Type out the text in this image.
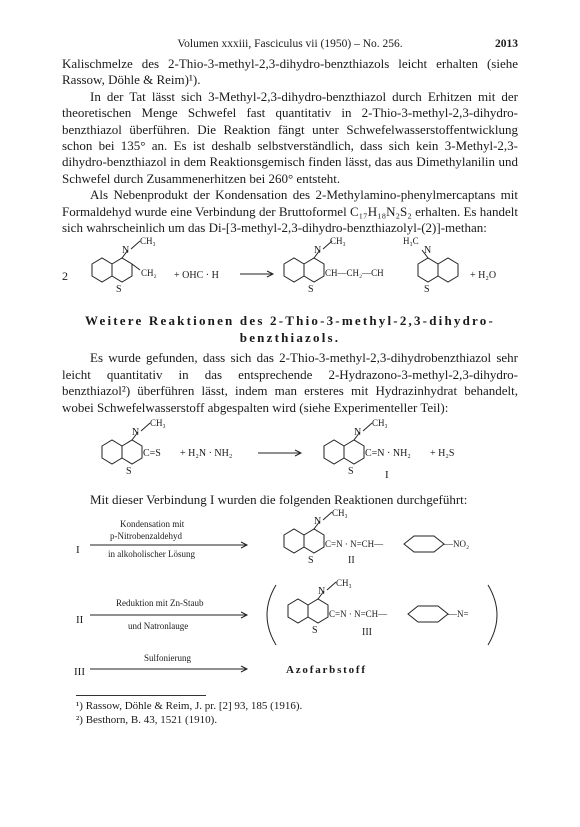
Volumen xxxiii, Fasciculus vii (1950) – No. 256.	2013

Kalischmelze des 2-Thio-3-methyl-2,3-dihydro-benzthiazols leicht erhalten (siehe Rassow, Döhle & Reim)¹).

In der Tat lässt sich 3-Methyl-2,3-dihydro-benzthiazol durch Erhitzen mit der theoretischen Menge Schwefel fast quantitativ in 2-Thio-3-methyl-2,3-dihydro-benzthiazol überführen. Die Reaktion fängt unter Schwefelwasserstoffentwicklung schon bei 135° an. Es ist deshalb selbstverständlich, dass sich kein 3-Methyl-2,3-dihydro-benzthiazol in dem Reaktionsgemisch finden lässt, das aus Dimethylanilin und Schwefel durch Zusammenerhitzen bei 260° entsteht.

Als Nebenprodukt der Kondensation des 2-Methylamino-phenylmercaptans mit Formaldehyd wurde eine Verbindung der Bruttoformel C₁₇H₁₈N₂S₂ erhalten. Es handelt sich wahrscheinlich um das Di-[3-methyl-2,3-dihydro-benzthiazolyl-(2)]-methan:

2
N
CH₃
CH₂
S
+ OHC · H
N
CH₃	H₃C
N
CH—CH₂—CH
S	S
+ H₂O
Weitere Reaktionen des 2-Thio-3-methyl-2,3-dihydro-benzthiazols.

Es wurde gefunden, dass sich das 2-Thio-3-methyl-2,3-dihydrobenzthiazol sehr leicht quantitativ in das entsprechende 2-Hydrazono-3-methyl-2,3-dihydro-benzthiazol²) überführen lässt, indem man ersteres mit Hydrazinhydrat behandelt, wobei Schwefelwasserstoff abgespalten wird (siehe Experimenteller Teil):

N
CH₃
C=S
S
+ H₂N · NH₂
N
CH₃
C=N · NH₂ + H₂S
S	I

Mit dieser Verbindung I wurden die folgenden Reaktionen durchgeführt:

I
Kondensation mit
p-Nitrobenzaldehyd
in alkoholischer Lösung
N
CH₃
C=N · N=CH—	—NO₂
S	II
II
Reduktion mit Zn-Staub
und Natronlauge
N
CH₃
C=N · N=CH—	—N=
S	III
III
Sulfonierung
Azofarbstoff
¹) Rassow, Döhle & Reim, J. pr. [2] 93, 185 (1916).
²) Besthorn, B. 43, 1521 (1910).
